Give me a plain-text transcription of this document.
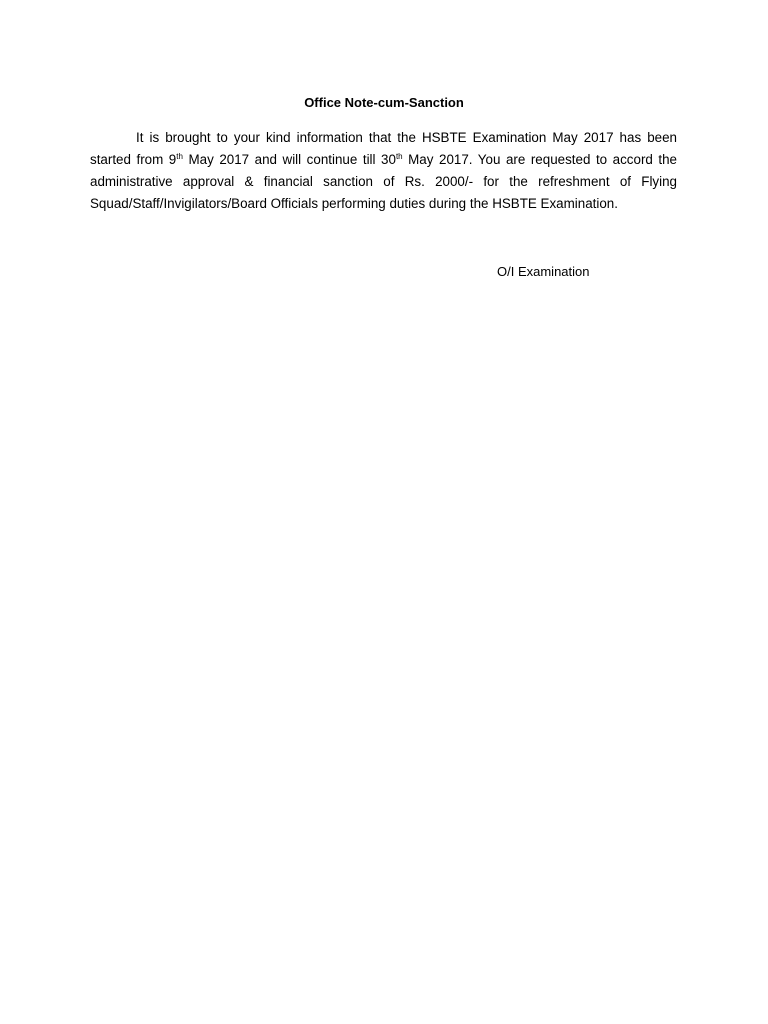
Office Note-cum-Sanction

It is brought to your kind information that the HSBTE Examination May 2017 has been started from 9th May 2017 and will continue till 30th May 2017. You are requested to accord the administrative approval & financial sanction of Rs. 2000/- for the refreshment of Flying Squad/Staff/Invigilators/Board Officials performing duties during the HSBTE Examination.

O/I Examination
